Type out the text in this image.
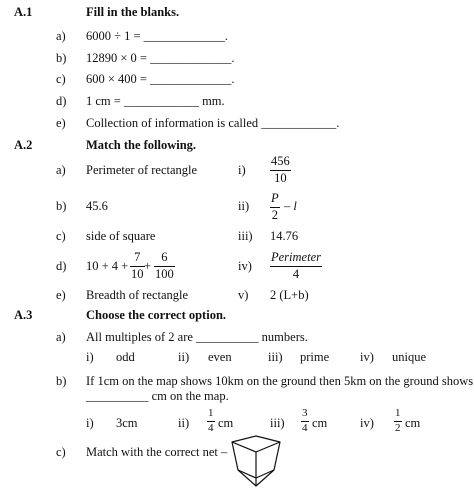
A.1	Fill in the blanks.
a) 6000 ÷ 1 = _____________.
b) 12890 × 0 = _____________.
c) 600 × 400 = _____________.
d) 1 cm = ____________ mm.
e) Collection of information is called ____________.
A.2	Match the following.
a) Perimeter of rectangle	i)
456
10
b) 45.6	ii)
P
2
– l
c) side of square	iii) 14.76
d) 10 + 4 +
7
10
+
6
100
iv)
Perimeter
4
e) Breadth of rectangle	v) 2 (L+b)
A.3	Choose the correct option.
a) All multiples of 2 are __________ numbers.
i) odd	ii) even	iii) prime iv) unique
b) If 1cm on the map shows 10km on the ground then 5km on the ground shows
__________ cm on the map.
i) 3cm	ii)
1
4 cm	iii)
3
4 cm	iv)
1
2 cm
c) Match with the correct net –
